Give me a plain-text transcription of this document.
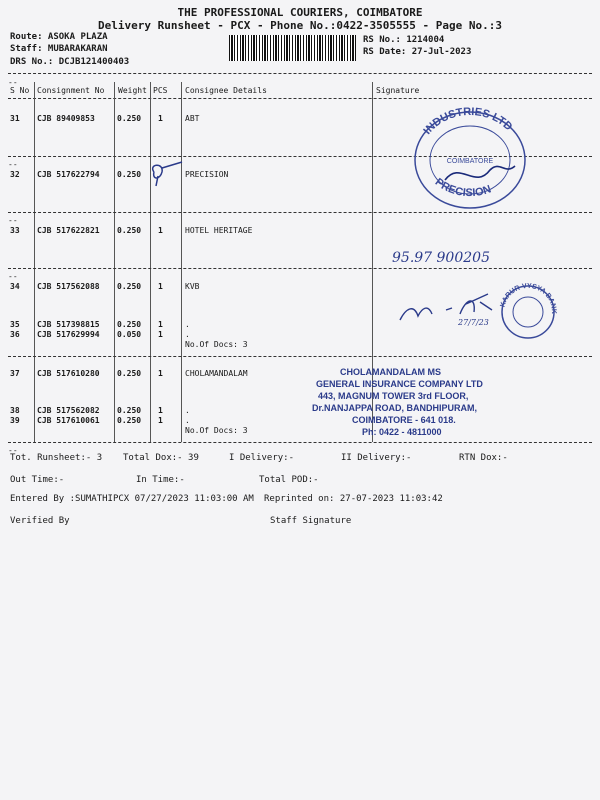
THE PROFESSIONAL COURIERS, COIMBATORE
Delivery Runsheet - PCX - Phone No.:0422-3505555 - Page No.:3
Route: ASOKA PLAZA
Staff: MUBARAKARAN
DRS No.: DCJB121400403
RS No.: 1214004
RS Date: 27-Jul-2023
--
S No Consignment No Weight PCS Consignee Details	Signature
31 CJB 89409853	0.250 1	ABT
--
32 CJB 517622794 0.250	PRECISION
--
33 CJB 517622821 0.250 1	HOTEL HERITAGE
95.97 900205
--
34 CJB 517562088 0.250 1	KVB
35 CJB 517398815 0.250 1	.
36 CJB 517629994 0.050 1	.
No.Of Docs: 3
27/7/23
37 CJB 517610280 0.250 1	CHOLAMANDALAM
38 CJB 517562082 0.250 1	.
39 CJB 517610061 0.250 1	.
No.Of Docs: 3
CHOLAMANDALAM MS
GENERAL INSURANCE COMPANY LTD
443, MAGNUM TOWER 3rd FLOOR,
Dr.NANJAPPA ROAD, BANDHIPURAM,
COIMBATORE - 641 018.
Ph: 0422 - 4811000
--
INDUSTRIES LTD
PRECISION
COIMBATORE
KARUR VYSYA BANK
Tot. Runsheet:- 3 Total Dox:- 39	I Delivery:-	II Delivery:-	RTN Dox:-
Out Time:-	In Time:-	Total POD:-
Entered By :SUMATHIPCX 07/27/2023 11:03:00 AM Reprinted on: 27-07-2023 11:03:42
Verified By	Staff Signature
